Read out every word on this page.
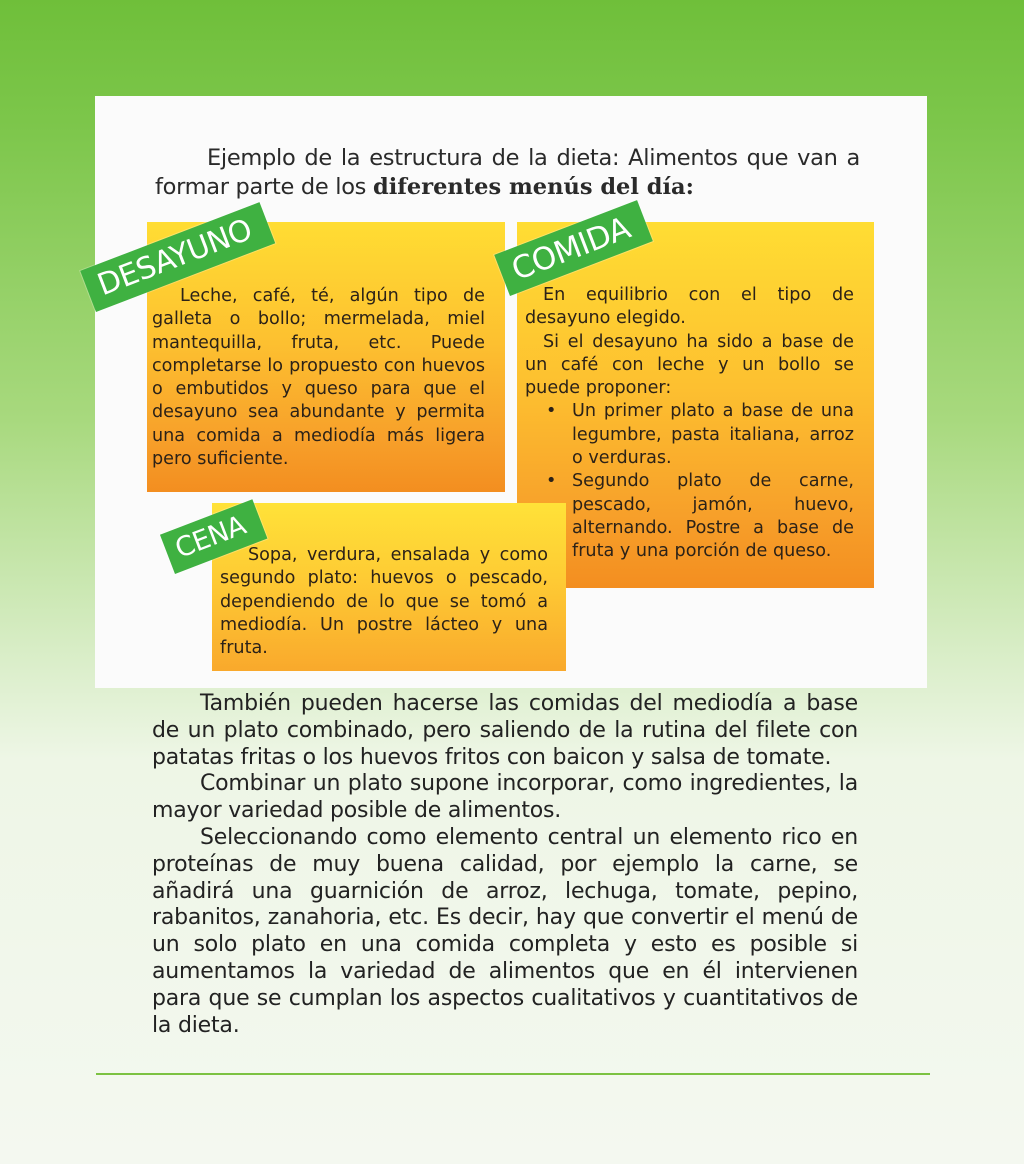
Ejemplo de la estructura de la dieta: Alimentos que van a formar parte de los diferentes menús del día:

Leche, café, té, algún tipo de galleta o bollo; mermelada, miel mantequilla, fruta, etc. Puede completarse lo propuesto con huevos o embutidos y queso para que el desayuno sea abundante y permita una comida a mediodía más ligera pero suficiente.

En equilibrio con el tipo de desayuno elegido.

Si el desayuno ha sido a base de un café con leche y un bollo se puede proponer:

• Un primer plato a base de una legumbre, pasta italiana, arroz o verduras.
• Segundo plato de carne, pescado, jamón, huevo, alternando. Postre a base de fruta y una porción de queso.

Sopa, verdura, ensalada y como segundo plato: huevos o pescado, dependiendo de lo que se tomó a mediodía. Un postre lácteo y una fruta.

DESAYUNO	COMIDA
CENA

También pueden hacerse las comidas del mediodía a base de un plato combinado, pero saliendo de la rutina del filete con patatas fritas o los huevos fritos con baicon y salsa de tomate.

Combinar un plato supone incorporar, como ingredientes, la mayor variedad posible de alimentos.

Seleccionando como elemento central un elemento rico en proteínas de muy buena calidad, por ejemplo la carne, se añadirá una guarnición de arroz, lechuga, tomate, pepino, rabanitos, zanahoria, etc. Es decir, hay que convertir el menú de un solo plato en una comida completa y esto es posible si aumentamos la variedad de alimentos que en él intervienen para que se cumplan los aspectos cualitativos y cuantitativos de la dieta.
